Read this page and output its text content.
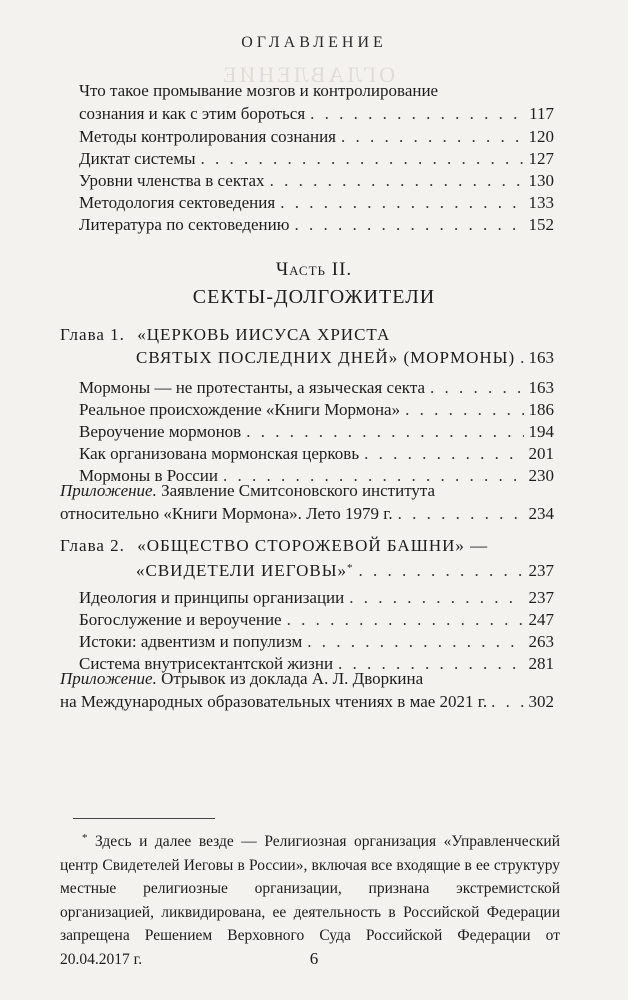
ОГЛАВЛЕНИЕ
ОГЛАВЛЕНИЕ
Что такое промывание мозгов и контролирование
сознания и как с этим бороться . . .	117
Методы контролирования сознания . . .	120
Диктат системы . . .	127
Уровни членства в сектах . . .	130
Методология сектоведения . . .	133
Литература по сектоведению . . .	152
Часть II.
СЕКТЫ-ДОЛГОЖИТЕЛИ
Глава 1. «ЦЕРКОВЬ ИИСУСА ХРИСТА
СВЯТЫХ ПОСЛЕДНИХ ДНЕЙ» (МОРМОНЫ) . . . 163
Мормоны — не протестанты, а языческая секта . . .	163
Реальное происхождение «Книги Мормона» . . .	186
Вероучение мормонов . . .	194
Как организована мормонская церковь . . .	201
Мормоны в России . . .	230
Приложение. Заявление Смитсоновского института
относительно «Книги Мормона». Лето 1979 г. . . .	234
Глава 2. «ОБЩЕСТВО СТОРОЖЕВОЙ БАШНИ» —
«СВИДЕТЕЛИ ИЕГОВЫ»* . . .	237
Идеология и принципы организации . . .	237
Богослужение и вероучение . . .	247
Истоки: адвентизм и популизм . . .	263
Система внутрисектантской жизни . . .	281
Приложение. Отрывок из доклада А. Л. Дворкина
на Международных образовательных чтениях в мае 2021 г. . . . 302
* Здесь и далее везде — Религиозная организация «Управленческий центр Свидетелей Иеговы в России», включая все входящие в ее структуру местные религиозные организации, признана экстремистской организацией, ликвидирована, ее деятельность в Российской Федерации запрещена Решением Верховного Суда Российской Федерации от 20.04.2017 г.	6
